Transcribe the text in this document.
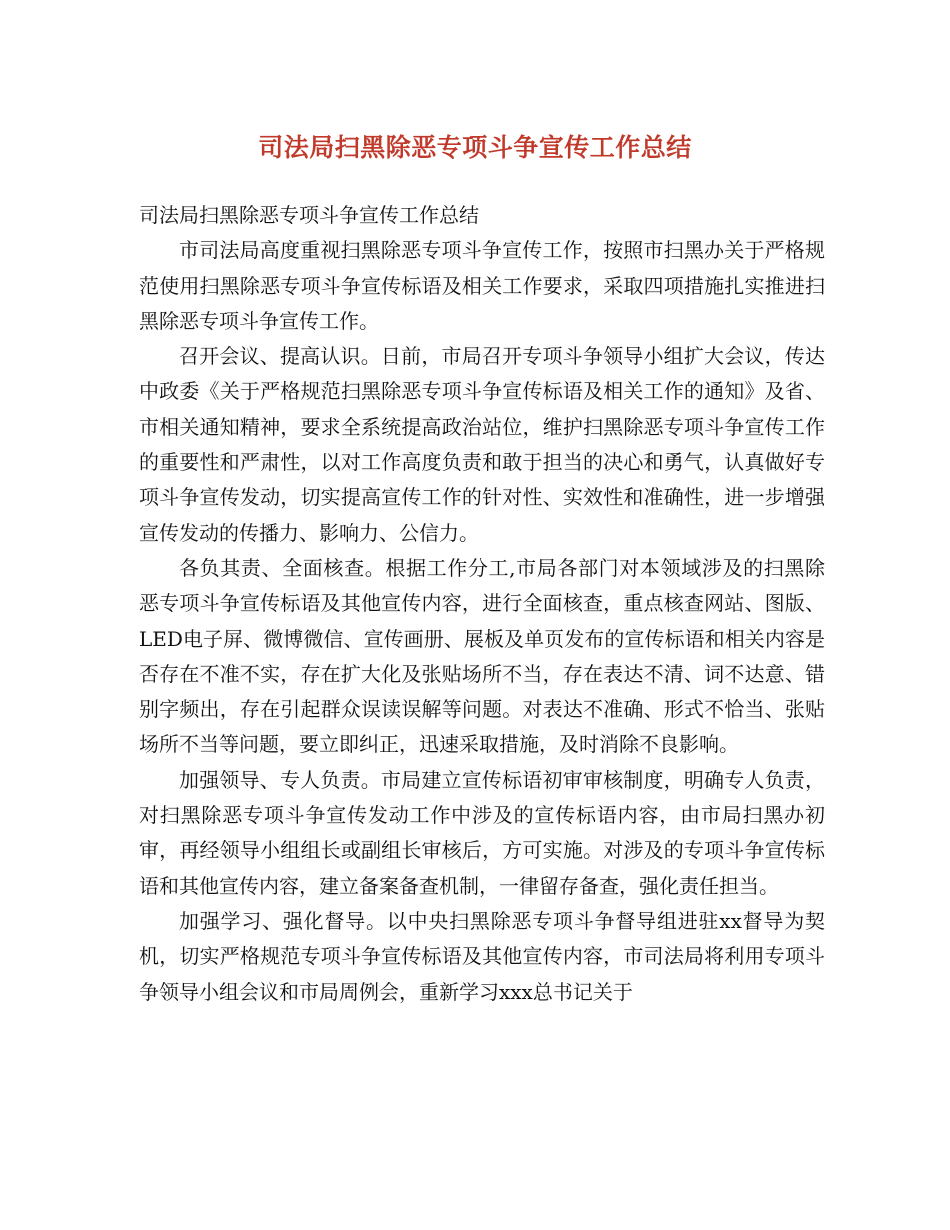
司法局扫黑除恶专项斗争宣传工作总结

司法局扫黑除恶专项斗争宣传工作总结

市司法局高度重视扫黑除恶专项斗争宣传工作，按照市扫黑办关于严格规范使用扫黑除恶专项斗争宣传标语及相关工作要求，采取四项措施扎实推进扫黑除恶专项斗争宣传工作。

召开会议、提高认识。日前，市局召开专项斗争领导小组扩大会议，传达中政委《关于严格规范扫黑除恶专项斗争宣传标语及相关工作的通知》及省、市相关通知精神，要求全系统提高政治站位，维护扫黑除恶专项斗争宣传工作的重要性和严肃性，以对工作高度负责和敢于担当的决心和勇气，认真做好专项斗争宣传发动，切实提高宣传工作的针对性、实效性和准确性，进一步增强宣传发动的传播力、影响力、公信力。

各负其责、全面核查。根据工作分工,市局各部门对本领域涉及的扫黑除恶专项斗争宣传标语及其他宣传内容，进行全面核查，重点核查网站、图版、LED电子屏、微博微信、宣传画册、展板及单页发布的宣传标语和相关内容是否存在不准不实，存在扩大化及张贴场所不当，存在表达不清、词不达意、错别字频出，存在引起群众误读误解等问题。对表达不准确、形式不恰当、张贴场所不当等问题，要立即纠正，迅速采取措施，及时消除不良影响。

加强领导、专人负责。市局建立宣传标语初审审核制度，明确专人负责，对扫黑除恶专项斗争宣传发动工作中涉及的宣传标语内容，由市局扫黑办初审，再经领导小组组长或副组长审核后，方可实施。对涉及的专项斗争宣传标语和其他宣传内容，建立备案备查机制，一律留存备查，强化责任担当。

加强学习、强化督导。以中央扫黑除恶专项斗争督导组进驻xx督导为契机，切实严格规范专项斗争宣传标语及其他宣传内容，市司法局将利用专项斗争领导小组会议和市局周例会，重新学习xxx总书记关于
